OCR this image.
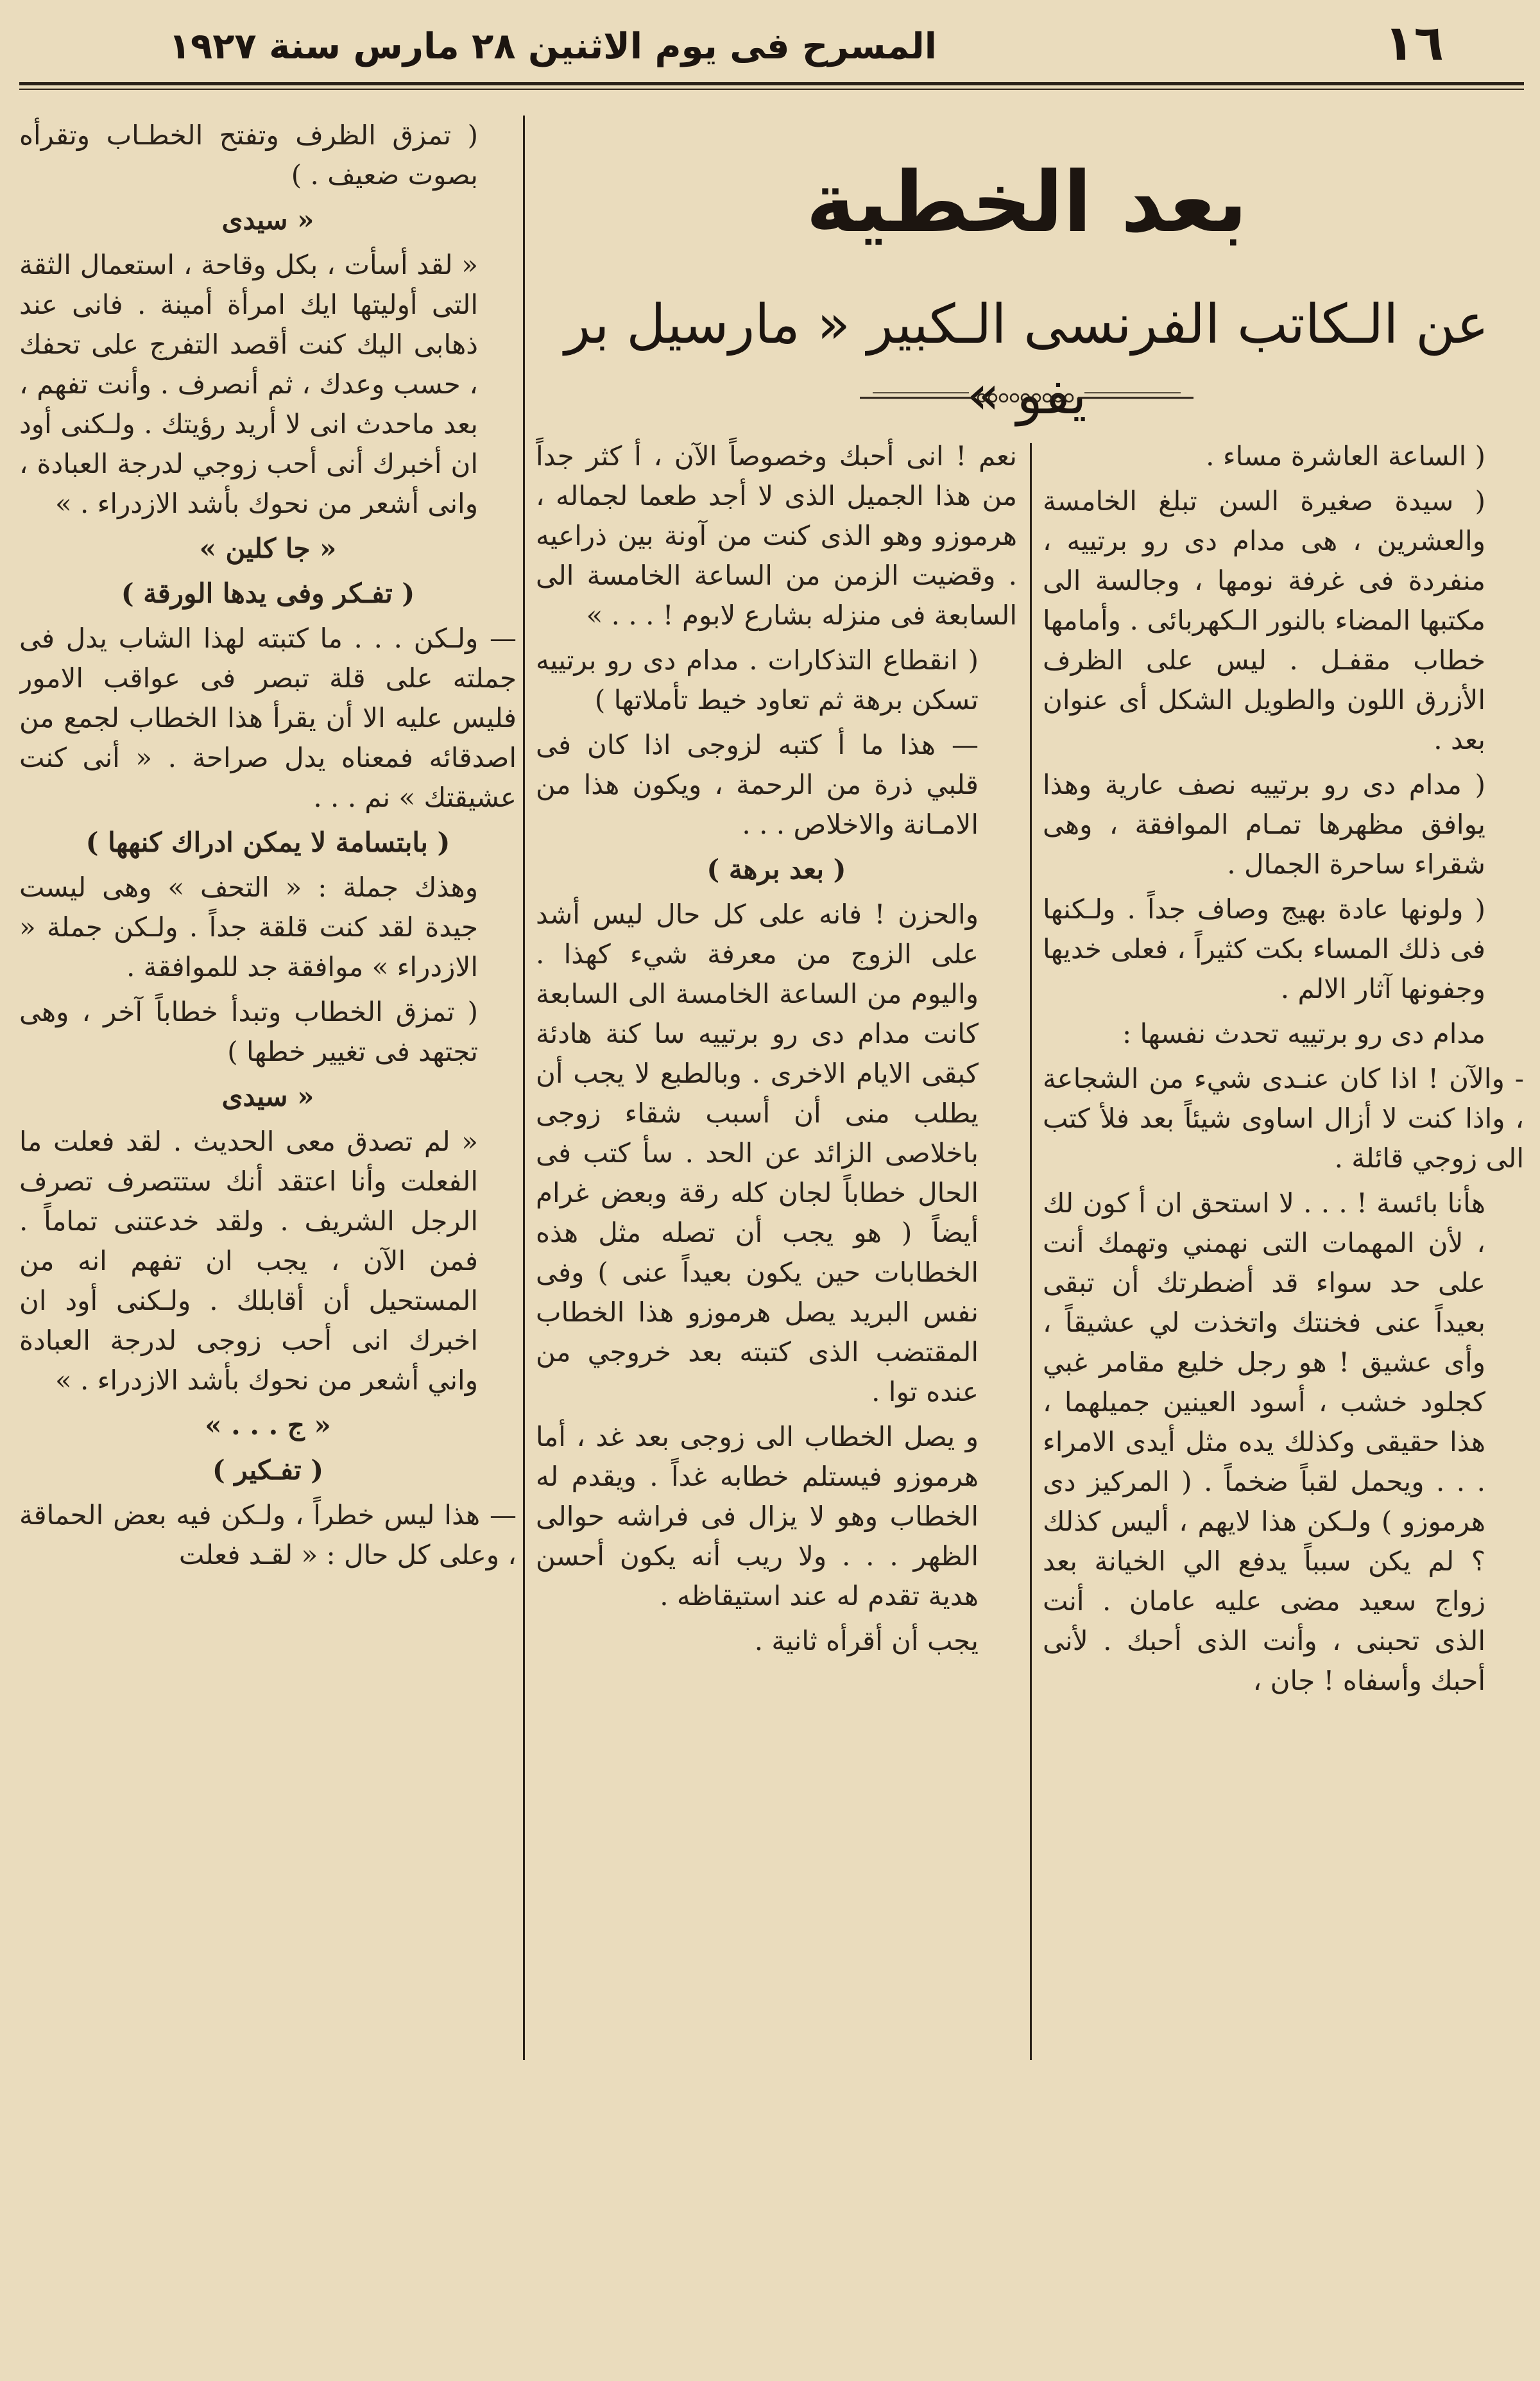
١٦
المسرح فى يوم الاثنين ٢٨ مارس سنة ١٩٢٧
بعد الخطية
عن الـكاتب الفرنسى الـكبير « مارسيل بر يفو »

( الساعة العاشرة مساء .

( سيدة صغيرة السن تبلغ الخامسة والعشرين ، هى مدام دى رو برتييه ، منفردة فى غرفة نومها ، وجالسة الى مكتبها المضاء بالنور الـكهربائى . وأمامها خطاب مقفـل . ليس على الظرف الأزرق اللون والطويل الشكل أى عنوان بعد .

( مدام دى رو برتييه نصف عارية وهذا يوافق مظهرها تمـام الموافقة ، وهى شقراء ساحرة الجمال .

( ولونها عادة بهيج وصاف جداً . ولـكنها فى ذلك المساء بكت كثيراً ، فعلى خديها وجفونها آثار الالم .

مدام دى رو برتييه تحدث نفسها :

- والآن ! اذا كان عنـدى شيء من الشجاعة ، واذا كنت لا أزال اساوى شيئاً بعد فلأ كتب الى زوجي قائلة .

هأنا بائسة ! . . . لا استحق ان أ كون لك ، لأن المهمات التى نهمني وتهمك أنت على حد سواء قد أضطرتك أن تبقى بعيداً عنى فخنتك واتخذت لي عشيقاً ، وأى عشيق ! هو رجل خليع مقامر غبي كجلود خشب ، أسود العينين جميلهما ، هذا حقيقى وكذلك يده مثل أيدى الامراء . . . ويحمل لقباً ضخماً . ( المركيز دى هرموزو ) ولـكن هذا لايهم ، أليس كذلك ؟ لم يكن سبباً يدفع الي الخيانة بعد زواج سعيد مضى عليه عامان . أنت الذى تحبنى ، وأنت الذى أحبك . لأنى أحبك وأسفاه ! جان ،

نعم ! انى أحبك وخصوصاً الآن ، أ كثر جداً من هذا الجميل الذى لا أجد طعما لجماله ، هرموزو وهو الذى كنت من آونة بين ذراعيه . وقضيت الزمن من الساعة الخامسة الى السابعة فى منزله بشارع لابوم ! . . . »

( انقطاع التذكارات . مدام دى رو برتييه تسكن برهة ثم تعاود خيط تأملاتها )

— هذا ما أ كتبه لزوجى اذا كان فى قلبي ذرة من الرحمة ، ويكون هذا من الامـانة والاخلاص . . .

( بعد برهة )

والحزن ! فانه على كل حال ليس أشد على الزوج من معرفة شيء كهذا . واليوم من الساعة الخامسة الى السابعة كانت مدام دى رو برتييه سا كنة هادئة كبقى الايام الاخرى . وبالطبع لا يجب أن يطلب منى أن أسبب شقاء زوجى باخلاصى الزائد عن الحد . سأ كتب فى الحال خطاباً لجان كله رقة وبعض غرام أيضاً ( هو يجب أن تصله مثل هذه الخطابات حين يكون بعيداً عنى ) وفى نفس البريد يصل هرموزو هذا الخطاب المقتضب الذى كتبته بعد خروجي من عنده توا .

و يصل الخطاب الى زوجى بعد غد ، أما هرموزو فيستلم خطابه غداً . ويقدم له الخطاب وهو لا يزال فى فراشه حوالى الظهر . . . ولا ريب أنه يكون أحسن هدية تقدم له عند استيقاظه .

يجب أن أقرأه ثانية .

( تمزق الظرف وتفتح الخطـاب وتقرأه بصوت ضعيف . )

« سيدى

« لقد أسأت ، بكل وقاحة ، استعمال الثقة التى أوليتها ايك امرأة أمينة . فانى عند ذهابى اليك كنت أقصد التفرج على تحفك ، حسب وعدك ، ثم أنصرف . وأنت تفهم ، بعد ماحدث انى لا أريد رؤيتك . ولـكنى أود ان أخبرك أنى أحب زوجي لدرجة العبادة ، وانى أشعر من نحوك بأشد الازدراء . »

« جا كلين »

( تفـكر وفى يدها الورقة )

— ولـكن . . . ما كتبته لهذا الشاب يدل فى جملته على قلة تبصر فى عواقب الامور فليس عليه الا أن يقرأ هذا الخطاب لجمع من اصدقائه فمعناه يدل صراحة . « أنى كنت عشيقتك » نم . . .

( بابتسامة لا يمكن ادراك كنهها )

وهذك جملة : « التحف » وهى ليست جيدة لقد كنت قلقة جداً . ولـكن جملة « الازدراء » موافقة جد للموافقة .

( تمزق الخطاب وتبدأ خطاباً آخر ، وهى تجتهد فى تغيير خطها )

« سيدى

« لم تصدق معى الحديث . لقد فعلت ما الفعلت وأنا اعتقد أنك ستتصرف تصرف الرجل الشريف . ولقد خدعتنى تماماً . فمن الآن ، يجب ان تفهم انه من المستحيل أن أقابلك . ولـكنى أود ان اخبرك انى أحب زوجى لدرجة العبادة واني أشعر من نحوك بأشد الازدراء . »

« ج . . . »

( تفـكير )

— هذا ليس خطراً ، ولـكن فيه بعض الحماقة ، وعلى كل حال : « لقـد فعلت
